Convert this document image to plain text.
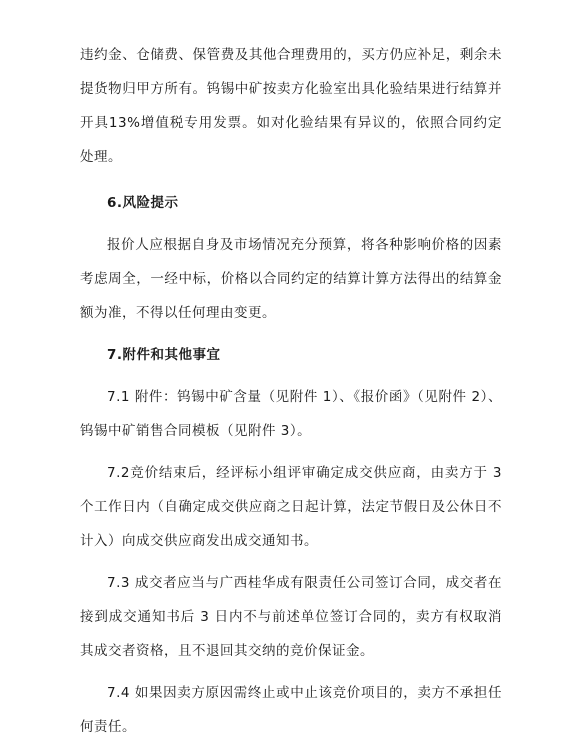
违约金、仓储费、保管费及其他合理费用的，买方仍应补足，剩余未提货物归甲方所有。钨锡中矿按卖方化验室出具化验结果进行结算并开具13%增值税专用发票。如对化验结果有异议的，依照合同约定处理。

6.风险提示

报价人应根据自身及市场情况充分预算，将各种影响价格的因素考虑周全，一经中标，价格以合同约定的结算计算方法得出的结算金额为准，不得以任何理由变更。

7.附件和其他事宜

7.1 附件：钨锡中矿含量（见附件 1）、《报价函》（见附件 2）、钨锡中矿销售合同模板（见附件 3）。

7.2竞价结束后，经评标小组评审确定成交供应商，由卖方于 3 个工作日内（自确定成交供应商之日起计算，法定节假日及公休日不计入）向成交供应商发出成交通知书。

7.3 成交者应当与广西桂华成有限责任公司签订合同，成交者在接到成交通知书后 3 日内不与前述单位签订合同的，卖方有权取消其成交者资格，且不退回其交纳的竞价保证金。

7.4 如果因卖方原因需终止或中止该竞价项目的，卖方不承担任何责任。
